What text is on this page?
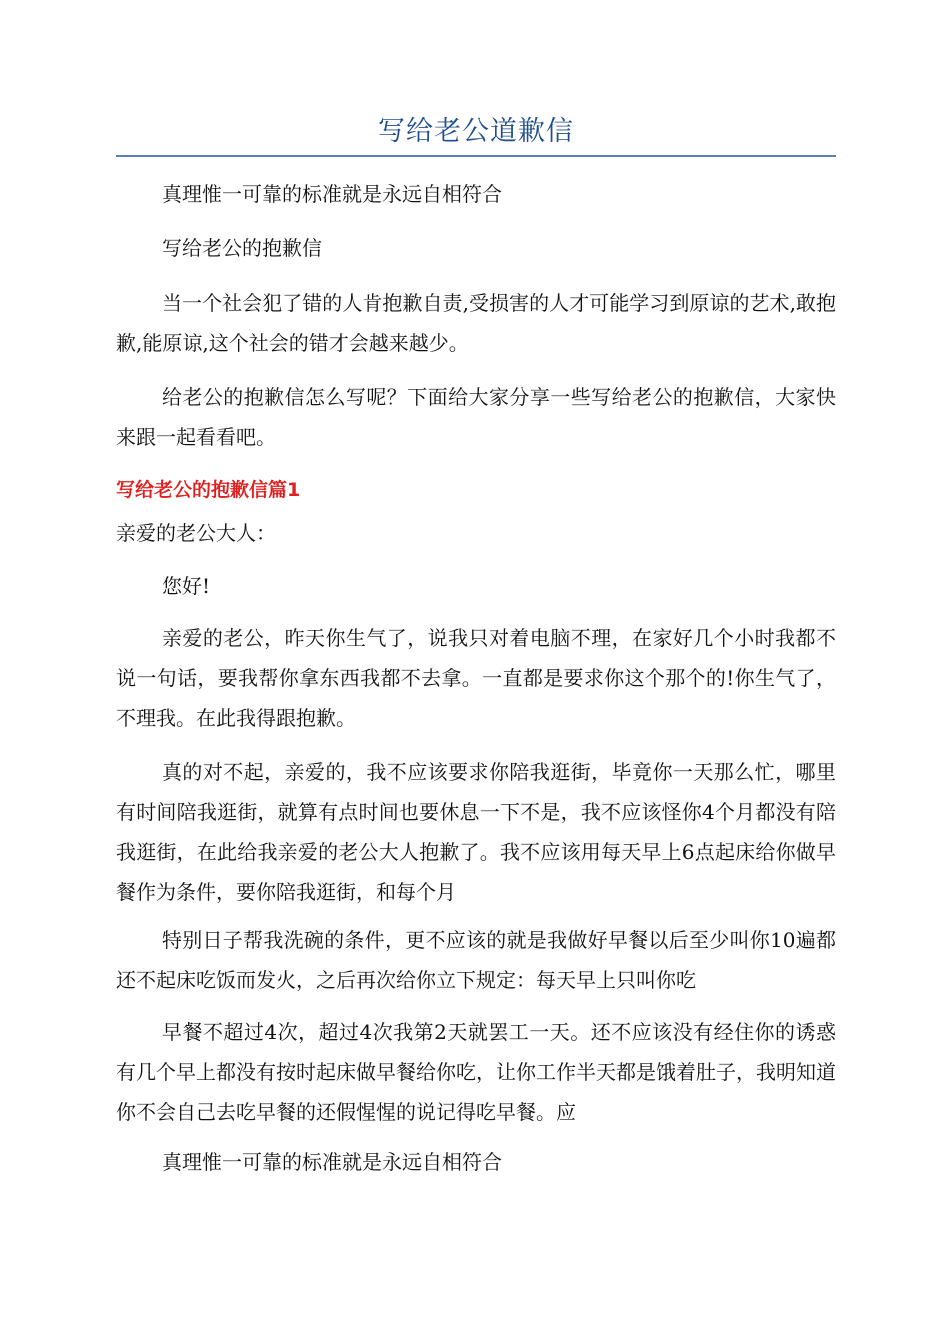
写给老公道歉信
真理惟一可靠的标准就是永远自相符合
写给老公的抱歉信
当一个社会犯了错的人肯抱歉自责,受损害的人才可能学习到原谅的艺术,敢抱歉,能原谅,这个社会的错才会越来越少。
给老公的抱歉信怎么写呢？下面给大家分享一些写给老公的抱歉信，大家快来跟一起看看吧。
写给老公的抱歉信篇1
亲爱的老公大人：
您好!
亲爱的老公，昨天你生气了，说我只对着电脑不理，在家好几个小时我都不说一句话，要我帮你拿东西我都不去拿。一直都是要求你这个那个的!你生气了，不理我。在此我得跟抱歉。
真的对不起，亲爱的，我不应该要求你陪我逛街，毕竟你一天那么忙，哪里有时间陪我逛街，就算有点时间也要休息一下不是，我不应该怪你4个月都没有陪我逛街，在此给我亲爱的老公大人抱歉了。我不应该用每天早上6点起床给你做早餐作为条件，要你陪我逛街，和每个月
特别日子帮我洗碗的条件，更不应该的就是我做好早餐以后至少叫你10遍都还不起床吃饭而发火，之后再次给你立下规定：每天早上只叫你吃
早餐不超过4次，超过4次我第2天就罢工一天。还不应该没有经住你的诱惑有几个早上都没有按时起床做早餐给你吃，让你工作半天都是饿着肚子，我明知道你不会自己去吃早餐的还假惺惺的说记得吃早餐。应
真理惟一可靠的标准就是永远自相符合
